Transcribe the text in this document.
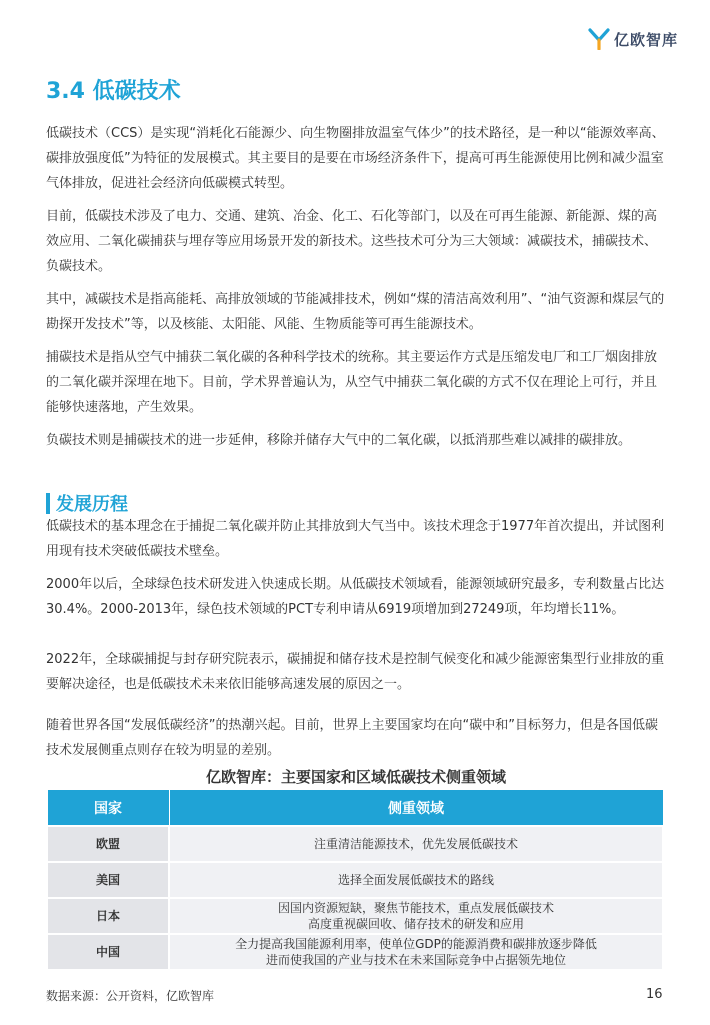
亿欧智库
3.4 低碳技术

低碳技术（CCS）是实现“消耗化石能源少、向生物圈排放温室气体少”的技术路径，是一种以“能源效率高、碳排放强度低”为特征的发展模式。其主要目的是要在市场经济条件下，提高可再生能源使用比例和减少温室气体排放，促进社会经济向低碳模式转型。

目前，低碳技术涉及了电力、交通、建筑、冶金、化工、石化等部门，以及在可再生能源、新能源、煤的高效应用、二氧化碳捕获与埋存等应用场景开发的新技术。这些技术可分为三大领域：减碳技术，捕碳技术、负碳技术。

其中，减碳技术是指高能耗、高排放领域的节能减排技术，例如“煤的清洁高效利用”、“油气资源和煤层气的勘探开发技术”等，以及核能、太阳能、风能、生物质能等可再生能源技术。

捕碳技术是指从空气中捕获二氧化碳的各种科学技术的统称。其主要运作方式是压缩发电厂和工厂烟囱排放的二氧化碳并深埋在地下。目前，学术界普遍认为，从空气中捕获二氧化碳的方式不仅在理论上可行，并且能够快速落地，产生效果。

负碳技术则是捕碳技术的进一步延伸，移除并储存大气中的二氧化碳，以抵消那些难以减排的碳排放。

发展历程

低碳技术的基本理念在于捕捉二氧化碳并防止其排放到大气当中。该技术理念于1977年首次提出，并试图利用现有技术突破低碳技术壁垒。

2000年以后，全球绿色技术研发进入快速成长期。从低碳技术领域看，能源领域研究最多，专利数量占比达30.4%。2000-2013年，绿色技术领域的PCT专利申请从6919项增加到27249项，年均增长11%。

2022年，全球碳捕捉与封存研究院表示，碳捕捉和储存技术是控制气候变化和减少能源密集型行业排放的重要解决途径，也是低碳技术未来依旧能够高速发展的原因之一。

随着世界各国“发展低碳经济”的热潮兴起。目前，世界上主要国家均在向“碳中和”目标努力，但是各国低碳技术发展侧重点则存在较为明显的差别。

亿欧智库：主要国家和区域低碳技术侧重领域
国家	侧重领域
欧盟	注重清洁能源技术，优先发展低碳技术

美国	选择全面发展低碳技术的路线

日本	因国内资源短缺，聚焦节能技术，重点发展低碳技术
高度重视碳回收、储存技术的研发和应用

中国	全力提高我国能源利用率，使单位GDP的能源消费和碳排放逐步降低
进而使我国的产业与技术在未来国际竞争中占据领先地位
数据来源：公开资料，亿欧智库	16
